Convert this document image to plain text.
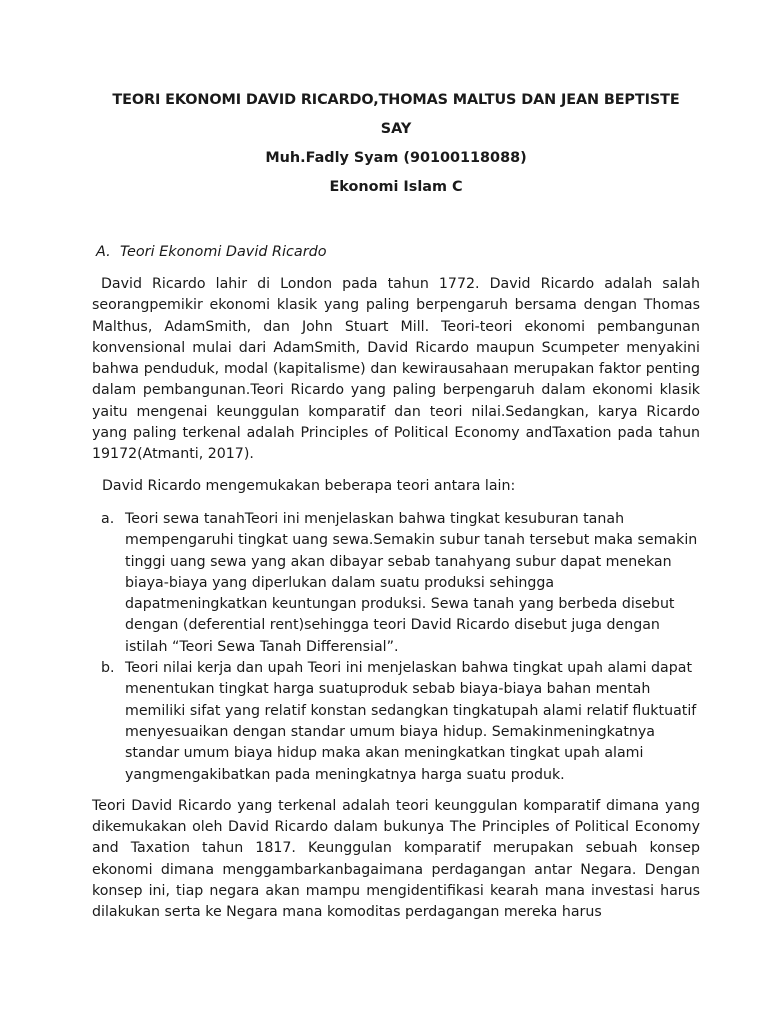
TEORI EKONOMI DAVID RICARDO,THOMAS MALTUS DAN JEAN BEPTISTE
SAY
Muh.Fadly Syam (90100118088)
Ekonomi Islam C
A. Teori Ekonomi David Ricardo

David Ricardo lahir di London pada tahun 1772. David Ricardo adalah salah seorangpemikir ekonomi klasik yang paling berpengaruh bersama dengan Thomas Malthus, AdamSmith, dan John Stuart Mill. Teori-teori ekonomi pembangunan konvensional mulai dari AdamSmith, David Ricardo maupun Scumpeter menyakini bahwa penduduk, modal (kapitalisme) dan kewirausahaan merupakan faktor penting dalam pembangunan.Teori Ricardo yang paling berpengaruh dalam ekonomi klasik yaitu mengenai keunggulan komparatif dan teori nilai.Sedangkan, karya Ricardo yang paling terkenal adalah Principles of Political Economy andTaxation pada tahun 19172(Atmanti, 2017).

David Ricardo mengemukakan beberapa teori antara lain:

a. Teori sewa tanahTeori ini menjelaskan bahwa tingkat kesuburan tanah mempengaruhi tingkat uang sewa.Semakin subur tanah tersebut maka semakin tinggi uang sewa yang akan dibayar sebab tanahyang subur dapat menekan biaya-biaya yang diperlukan dalam suatu produksi sehingga dapatmeningkatkan keuntungan produksi. Sewa tanah yang berbeda disebut dengan (deferential rent)sehingga teori David Ricardo disebut juga dengan istilah “Teori Sewa Tanah Differensial”.
b. Teori nilai kerja dan upah Teori ini menjelaskan bahwa tingkat upah alami dapat menentukan tingkat harga suatuproduk sebab biaya-biaya bahan mentah memiliki sifat yang relatif konstan sedangkan tingkatupah alami relatif fluktuatif menyesuaikan dengan standar umum biaya hidup. Semakinmeningkatnya standar umum biaya hidup maka akan meningkatkan tingkat upah alami yangmengakibatkan pada meningkatnya harga suatu produk.

Teori David Ricardo yang terkenal adalah teori keunggulan komparatif dimana yang dikemukakan oleh David Ricardo dalam bukunya The Principles of Political Economy and Taxation tahun 1817. Keunggulan komparatif merupakan sebuah konsep ekonomi dimana menggambarkanbagaimana perdagangan antar Negara. Dengan konsep ini, tiap negara akan mampu mengidentifikasi kearah mana investasi harus dilakukan serta ke Negara mana komoditas perdagangan mereka harus
